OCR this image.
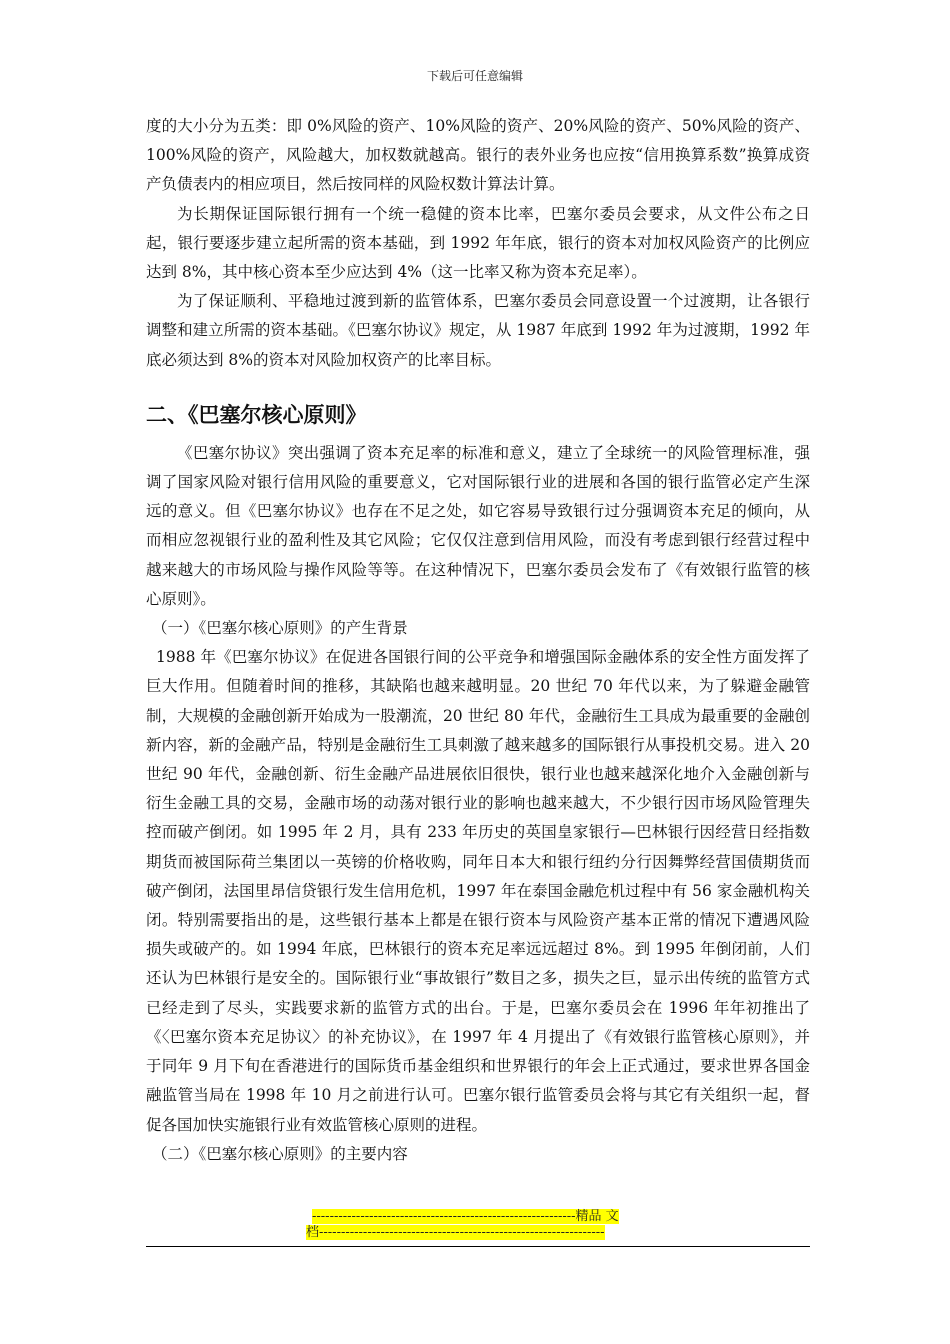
下载后可任意编辑

度的大小分为五类：即 0%风险的资产、10%风险的资产、20%风险的资产、50%风险的资产、100%风险的资产，风险越大，加权数就越高。银行的表外业务也应按“信用换算系数”换算成资产负债表内的相应项目，然后按同样的风险权数计算法计算。

为长期保证国际银行拥有一个统一稳健的资本比率，巴塞尔委员会要求，从文件公布之日起，银行要逐步建立起所需的资本基础，到 1992 年年底，银行的资本对加权风险资产的比例应达到 8%，其中核心资本至少应达到 4%（这一比率又称为资本充足率）。

为了保证顺利、平稳地过渡到新的监管体系，巴塞尔委员会同意设置一个过渡期，让各银行调整和建立所需的资本基础。《巴塞尔协议》规定，从 1987 年底到 1992 年为过渡期，1992 年底必须达到 8%的资本对风险加权资产的比率目标。

二、《巴塞尔核心原则》

《巴塞尔协议》突出强调了资本充足率的标准和意义，建立了全球统一的风险管理标准，强调了国家风险对银行信用风险的重要意义，它对国际银行业的进展和各国的银行监管必定产生深远的意义。但《巴塞尔协议》也存在不足之处，如它容易导致银行过分强调资本充足的倾向，从而相应忽视银行业的盈利性及其它风险；它仅仅注意到信用风险，而没有考虑到银行经营过程中越来越大的市场风险与操作风险等等。在这种情况下，巴塞尔委员会发布了《有效银行监管的核心原则》。

（一）《巴塞尔核心原则》的产生背景

1988 年《巴塞尔协议》在促进各国银行间的公平竞争和增强国际金融体系的安全性方面发挥了巨大作用。但随着时间的推移，其缺陷也越来越明显。20 世纪 70 年代以来，为了躲避金融管制，大规模的金融创新开始成为一股潮流，20 世纪 80 年代，金融衍生工具成为最重要的金融创新内容，新的金融产品，特别是金融衍生工具刺激了越来越多的国际银行从事投机交易。进入 20 世纪 90 年代，金融创新、衍生金融产品进展依旧很快，银行业也越来越深化地介入金融创新与衍生金融工具的交易，金融市场的动荡对银行业的影响也越来越大，不少银行因市场风险管理失控而破产倒闭。如 1995 年 2 月，具有 233 年历史的英国皇家银行—巴林银行因经营日经指数期货而被国际荷兰集团以一英镑的价格收购，同年日本大和银行纽约分行因舞弊经营国债期货而破产倒闭，法国里昂信贷银行发生信用危机，1997 年在泰国金融危机过程中有 56 家金融机构关闭。特别需要指出的是，这些银行基本上都是在银行资本与风险资产基本正常的情况下遭遇风险损失或破产的。如 1994 年底，巴林银行的资本充足率远远超过 8%。到 1995 年倒闭前，人们还认为巴林银行是安全的。国际银行业“事故银行”数目之多，损失之巨，显示出传统的监管方式已经走到了尽头，实践要求新的监管方式的出台。于是，巴塞尔委员会在 1996 年年初推出了《〈巴塞尔资本充足协议〉的补充协议》，在 1997 年 4 月提出了《有效银行监管核心原则》，并于同年 9 月下旬在香港进行的国际货币基金组织和世界银行的年会上正式通过，要求世界各国金融监管当局在 1998 年 10 月之前进行认可。巴塞尔银行监管委员会将与其它有关组织一起，督促各国加快实施银行业有效监管核心原则的进程。

（二）《巴塞尔核心原则》的主要内容

------------------------------------------------------------精品 文
档-----------------------------------------------------------------
